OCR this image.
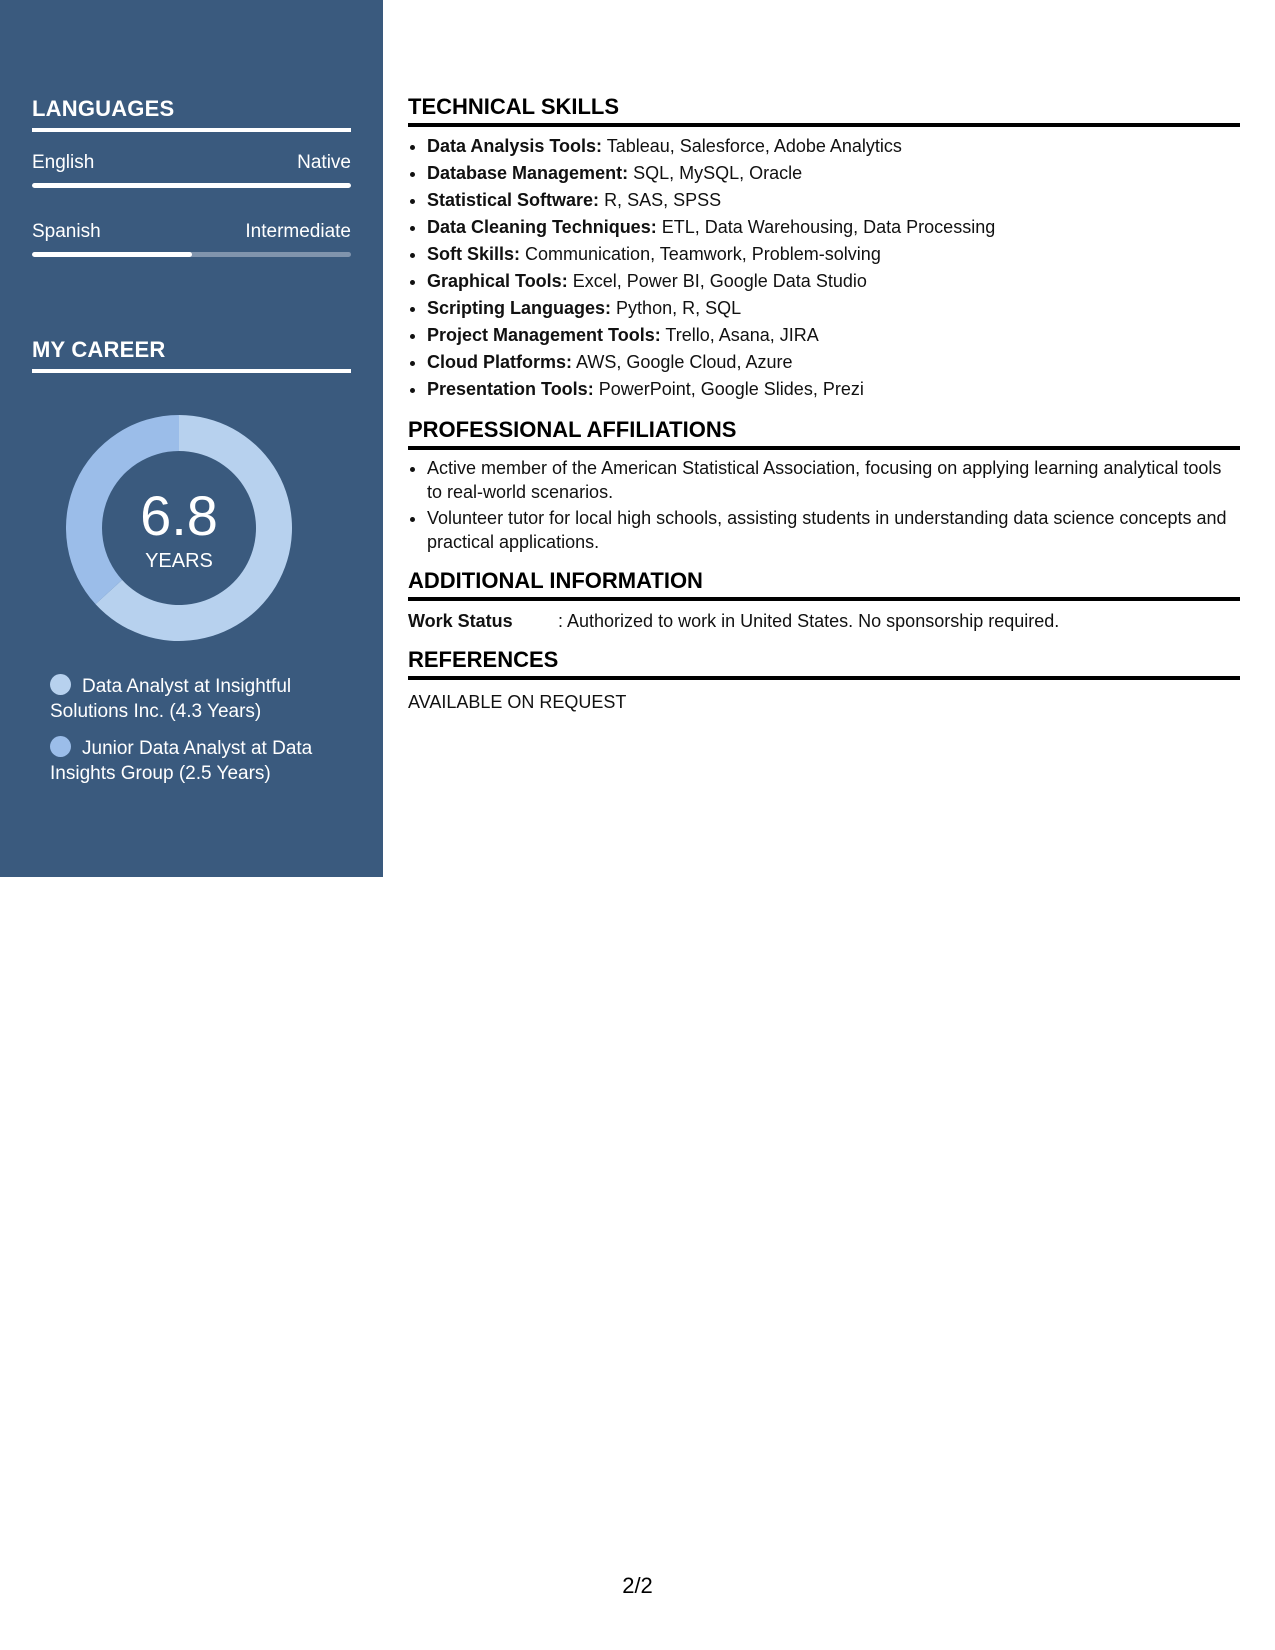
LANGUAGES
English	Native
Spanish	Intermediate
MY CAREER
6.8
YEARS
Data Analyst at Insightful Solutions Inc. (4.3 Years)
Junior Data Analyst at Data Insights Group (2.5 Years)
TECHNICAL SKILLS
• Data Analysis Tools: Tableau, Salesforce, Adobe Analytics
• Database Management: SQL, MySQL, Oracle
• Statistical Software: R, SAS, SPSS
• Data Cleaning Techniques: ETL, Data Warehousing, Data Processing
• Soft Skills: Communication, Teamwork, Problem-solving
• Graphical Tools: Excel, Power BI, Google Data Studio
• Scripting Languages: Python, R, SQL
• Project Management Tools: Trello, Asana, JIRA
• Cloud Platforms: AWS, Google Cloud, Azure
• Presentation Tools: PowerPoint, Google Slides, Prezi
PROFESSIONAL AFFILIATIONS
• Active member of the American Statistical Association, focusing on applying learning analytical tools to real-world scenarios.
• Volunteer tutor for local high schools, assisting students in understanding data science concepts and practical applications.
ADDITIONAL INFORMATION
Work Status	: Authorized to work in United States. No sponsorship required.
REFERENCES

AVAILABLE ON REQUEST

2/2
